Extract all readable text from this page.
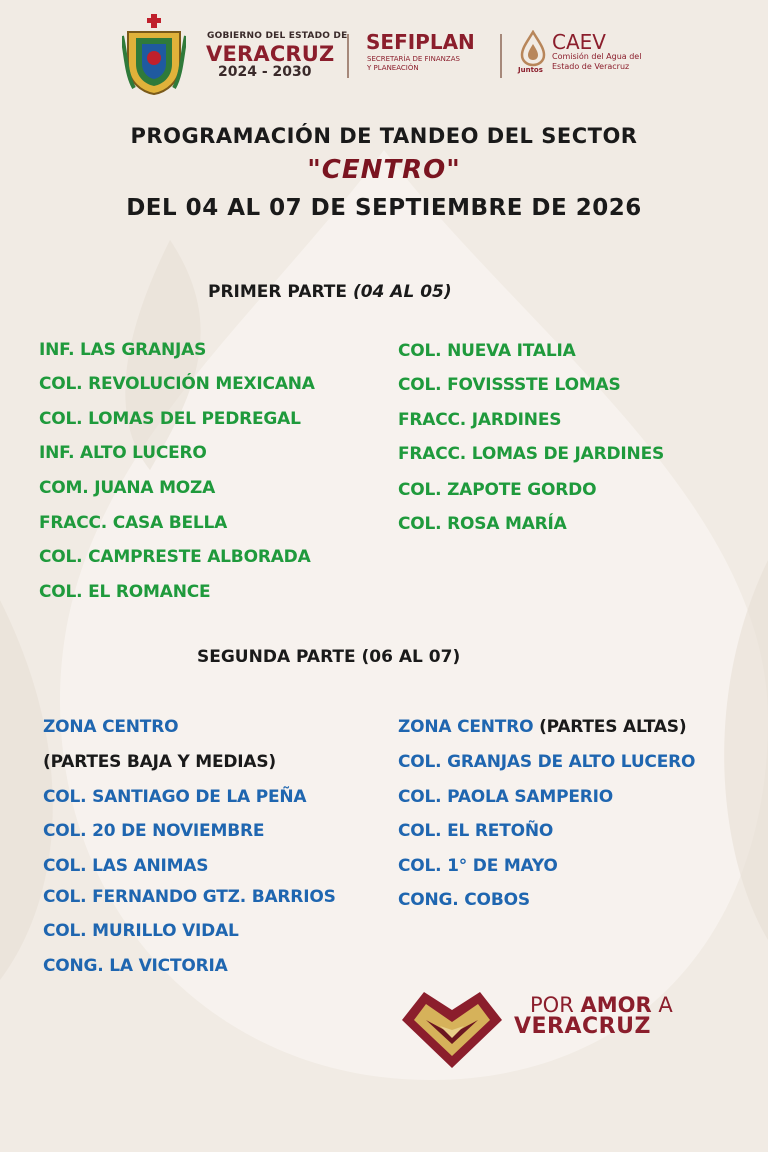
GOBIERNO DEL ESTADO DE
VERACRUZ
2024 - 2030
SEFIPLAN
SECRETARÍA DE FINANZAS
Y PLANEACIÓN	Juntos
CAEV
Comisión del Agua del
Estado de Veracruz
PROGRAMACIÓN DE TANDEO DEL SECTOR
"CENTRO"
DEL 04 AL 07 DE SEPTIEMBRE DE 2026
PRIMER PARTE (04 AL 05)
INF. LAS GRANJAS
COL. REVOLUCIÓN MEXICANA
COL. LOMAS DEL PEDREGAL
INF. ALTO LUCERO
COM. JUANA MOZA
FRACC. CASA BELLA
COL. CAMPRESTE ALBORADA
COL. EL ROMANCE
COL. NUEVA ITALIA
COL. FOVISSSTE LOMAS
FRACC. JARDINES
FRACC. LOMAS DE JARDINES
COL. ZAPOTE GORDO
COL. ROSA MARÍA
SEGUNDA PARTE (06 AL 07)
ZONA CENTRO
(PARTES BAJA Y MEDIAS)
COL. SANTIAGO DE LA PEÑA
COL. 20 DE NOVIEMBRE
COL. LAS ANIMAS
COL. FERNANDO GTZ. BARRIOS
COL. MURILLO VIDAL
CONG. LA VICTORIA
ZONA CENTRO (PARTES ALTAS)
COL. GRANJAS DE ALTO LUCERO
COL. PAOLA SAMPERIO
COL. EL RETOÑO
COL. 1° DE MAYO
CONG. COBOS
POR AMOR A
VERACRUZ
